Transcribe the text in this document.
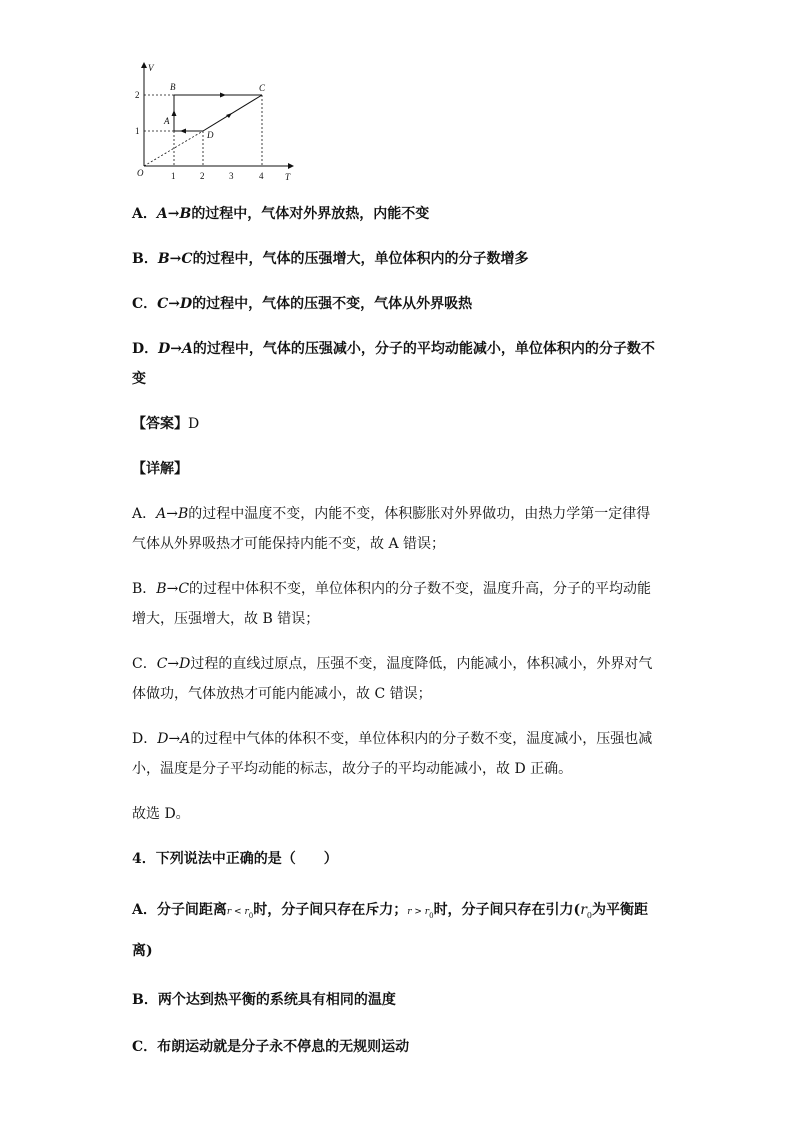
V
T
O	1	2	3	4
1
2
A
B	C
D
A．A→B的过程中，气体对外界放热，内能不变
B．B→C的过程中，气体的压强增大，单位体积内的分子数增多
C．C→D的过程中，气体的压强不变，气体从外界吸热
D．D→A的过程中，气体的压强减小，分子的平均动能减小，单位体积内的分子数不
变
【答案】D
【详解】
A．A→B的过程中温度不变，内能不变，体积膨胀对外界做功，由热力学第一定律得
气体从外界吸热才可能保持内能不变，故 A 错误；
B．B→C的过程中体积不变，单位体积内的分子数不变，温度升高，分子的平均动能
增大，压强增大，故 B 错误；
C．C→D过程的直线过原点，压强不变，温度降低，内能减小，体积减小，外界对气
体做功，气体放热才可能内能减小，故 C 错误；
D．D→A的过程中气体的体积不变，单位体积内的分子数不变，温度减小，压强也减
小，温度是分子平均动能的标志，故分子的平均动能减小，故 D 正确。
故选 D。
4．下列说法中正确的是（　　）
A．分子间距离$r < r_0$时，分子间只存在斥力；$r > r_0$时，分子间只存在引力($r_0$为平衡距
离)
B．两个达到热平衡的系统具有相同的温度
C．布朗运动就是分子永不停息的无规则运动
